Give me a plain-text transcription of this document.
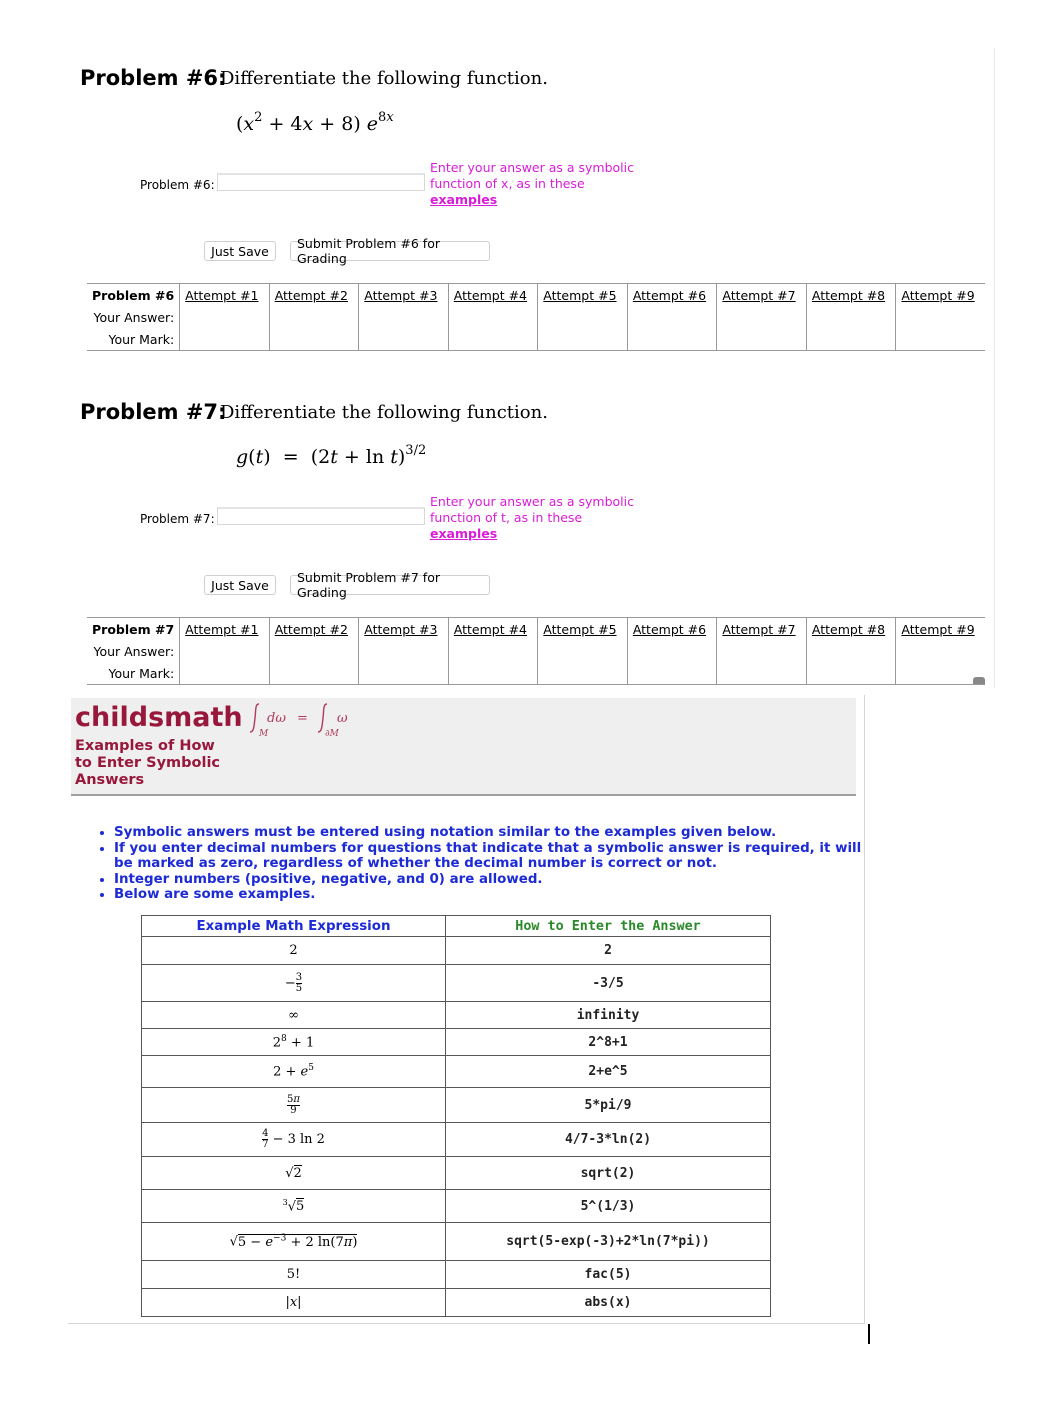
Problem #6:
Differentiate the following function.
$(x^2 + 4x + 8)$ $e^{8x}$
Problem #6:
Enter your answer as a symbolic function of x, as in these
examples
Just Save	Submit Problem #6 for Grading
Problem #6	Attempt #1	Attempt #2	Attempt #3	Attempt #4	Attempt #5	Attempt #6	Attempt #7	Attempt #8	Attempt #9
Your Answer:									
Your Mark:									
Problem #7:
Differentiate the following function.
$g(t) = (2t + \ln t)^{3/2}$
Problem #7:
Enter your answer as a symbolic function of t, as in these
examples
Just Save	Submit Problem #7 for Grading
Problem #7	Attempt #1	Attempt #2	Attempt #3	Attempt #4	Attempt #5	Attempt #6	Attempt #7	Attempt #8	Attempt #9
Your Answer:									
Your Mark:									
childsmath dω = ω
M	∂M
Examples of How to Enter Symbolic Answers
• Symbolic answers must be entered using notation similar to the examples given below.
• If you enter decimal numbers for questions that indicate that a symbolic answer is required, it will be marked as zero, regardless of whether the decimal number is correct or not.
• Integer numbers (positive, negative, and 0) are allowed.
• Below are some examples.
Example Math Expression	How to Enter the Answer
2	2
− $\frac{3}{5}$	-3/5
∞	infinity
$2^8 + 1$	2^8+1
$2 + e^5$	2+e^5

$\frac{5\pi}{9}$	5*pi/9

$\frac{4}{7} - 3$ ln 2	4/7-3*ln(2)
√2	sqrt(2)
$^3$√5	5^(1/3)
$√5 - e^{-3} + 2$ ln(7π)	sqrt(5-exp(-3)+2*ln(7*pi))
5!	fac(5)
|x|	abs(x)
